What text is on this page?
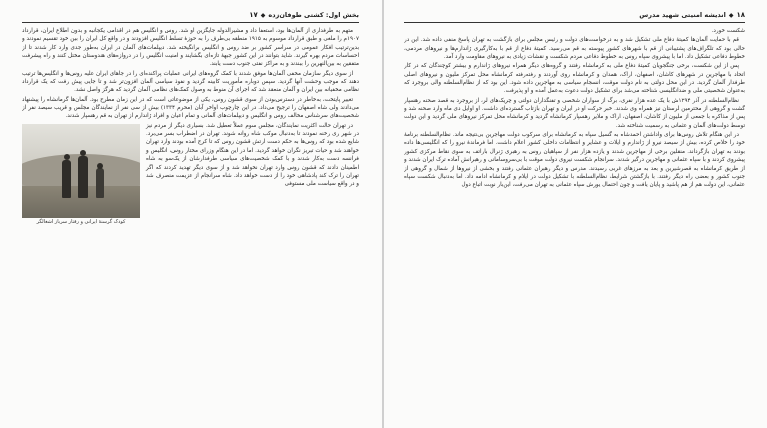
بخش اول: کشتی طوفان‌زده◆۱۷

متهم به طرفداری از آلمان‌ها بود، استعفا داد و مشیرالدوله جایگزین او شد. روس و انگلیس هم در اقدامی یکجانبه و بدون اطلاع ایران، قرارداد ۱۹۰۷م را ملغی و طبق قرارداد موسوم به ۱۹۱۵ منطقه بی‌طرف را به حوزهٔ تسلط انگلیس افزودند و در واقع کل ایران را بین خود تقسیم نمودند و بدین‌ترتیب افکار عمومی در سراسر کشور بر ضد روس و انگلیس برانگیخته شد. دیپلمات‌های آلمان در ایران به‌طور جدی وارد کار شدند تا از احساسات مردم بهره گیرند. شاید بتوانند در این کشور جبههٔ تازه‌ای بگشایند و امنیت انگلیس را در دروازه‌های هندوستان مختل کنند و راه پیشرفت متفقین به بین‌النهرین را ببندند و به مراکز نفتی جنوب دست یابند.

از سوی دیگر سازمان مخفی آلمان‌ها موفق شدند با کمک گروه‌های ایرانی عملیات پراکنده‌ای را در جاهای ایران علیه روس‌ها و انگلیس‌ها ترتیب دهند که موجب وحشت آنها گردید. سپس دوباره مأموریت کابینه گردید و نفوذ سیاسی آلمان افزون‌تر شد و تا جایی پیش رفت که یک قرارداد نظامی مخفیانه بین ایران و آلمان منعقد شد که اجرای آن منوط به وصول کمک‌های نظامی آلمان گردید که هرگز واصل نشد.

تغییر پایتخت، به‌خاطر در دسترس‌بودن از سوی قشون روس، یکی از موضوعاتی است که در این زمان مطرح بود. آلمان‌ها گرمانشاه را پیشنهاد می‌دادند ولی شاه اصفهان را ترجیح می‌داد. در این چارچوب اواخر آبان (محرم ۱۳۳۴) بیش از سی نفر از نمایندگان مجلس و قریب سیصد نفر از شخصیت‌های سرشناس مخالف روس و انگلیس و دیپلمات‌های آلمانی و تمام اعیان و افراد ژاندارم از تهران به قم رهسپار شدند.

کودک گرسنهٔ ایرانی و رفتار سرباز اشغالگر

در تهران حالت اکثریت نمایندگان، مجلس سوم عملاً تعطیل شد. بسیاری دیگر از مردم نیز در شهر ری رخنه نمودند تا به‌دنبال موکب شاه روانه شوند. تهران در اضطراب بسر می‌برد. شایع شده بود که روس‌ها به حکم دست ارتش قشون روس که تا کرج آمده بودند وارد تهران خواهند شد و حیات تبریز نگران خواهد گردید. اما در این هنگام وزرای مختار روس، انگلیس و فرانسه دست به‌کار شدند و با کمک شخصیت‌های سیاسی طرفدارشان از یک‌سو به شاه اطمینان دادند که قشون روس وارد تهران نخواهد شد و از سوی دیگر تهدید کردند که اگر تهران را ترک کند پادشاهی خود را از دست خواهد داد. شاه سرانجام از عزیمت منصرف شد و در واقع سیاست ملی مستوفی

۱۸◆اندیشه امنیتی شهید مدرس

شکست خورد.

قم با حمایت آلمان‌ها کمیتهٔ دفاع ملی تشکیل شد و به درخواست‌های دولت و رئیس مجلس برای بازگشت به تهران پاسخ منفی داده شد. این در حالی بود که تلگراف‌های پشتیبانی از قم با شهرهای کشور پیوسته به قم می‌رسید. کمیتهٔ دفاع از قم با به‌کارگیری ژاندارم‌ها و نیروهای مردمی، خطوط دفاعی تشکیل داد. اما با پیشروی سپاه روس به خطوط دفاعی مردم شکست و نقشات زیادی به نیروهای مقاومت وارد آمد.

پس از این شکست، برخی جنگجویان کمیتهٔ دفاع ملی به کرمانشاه رفتند و گروه‌های دیگر همراه نیروهای ژاندارم و بیشتر کوچندگان که در کار اتحاد با مهاجرین در شهرهای کاشان، اصفهان، اراک، همدان و کرمانشاه روی آوردند و رفته‌رفته کرمانشاه محل تمرکز ملیون و نیروهای اصلی طرفدار آلمان گردید. در این محل دولتی به نام دولت موقت، انسجام سیاسی به مهاجرین داده شود. این بود که از نظام‌السلطنه والی بروجرد که به‌عنوان شخصیتی ملی و ضدانگلیسی شناخته می‌شد برای تشکیل دولت دعوت به‌عمل آمده و او پذیرفت.

نظام‌السلطنه در آذر ۱۲۹۴ش با یک عده هزار نفری، برگ از سواران شخصی و تفنگداران دولتی و چریک‌های لر، از بروجرد به قصد صحنه رهسپار گشت و گروهی از محترمین لرستان نیز همراه وی شدند. خبر حرکت او در ایران و تهران بازتاب گسترده‌ای داشت. او اوایل دی ماه وارد صحنه شد و پس از مذاکره با جمعی از ملیون از کاشان، اصفهان، اراک و ملایر رهسپار کرمانشاه گردید و کرمانشاه محل تمرکز نیروهای ملی گردید و این دولت توسط دولت‌های آلمان و عثمانی به رسمیت شناخته شد.

در این هنگام تلاش روس‌ها برای واداشتن احمدشاه به گسیل سپاه به کرمانشاه برای سرکوب دولت مهاجرین بی‌نتیجه ماند. نظام‌السلطنه برنامهٔ خود را خلاص کرده، بیش از سیصد نیرو از ژاندارم و ایلات و عشایر و انتظامات داخلی کشور اعلام داشت. اما فرماندهٔ نیرو را که انگلیسی‌ها داده بودند به تهران بازگرداند. منقلین برخی از مهاجرین شدند و یازده هزار نفر از سپاهیان روس به رهبری ژنرال باراتف به سوی نقاط مرکزی کشور پیشروی کردند و با سپاه عثمانی و مهاجرین درگیر شدند. سرانجام شکست نیروی دولت موقت با بی‌سروسامانی و رهبرانش آماده ترک ایران شدند و از طریق کرمانشاه به قصرشیرین و بعد به مرزهای غربی رسیدند. مدرس و دیگر رهبران عثمانی رفتند و بخشی از نیروها از شمال و گروهی از جنوب کشور و بعضی راه دیگر رفتند. با بازگشتن شرایط، نظام‌السلطنه با تشکیل دولت در ایلام و کرمانشاه ادامه داد. اما به‌دنبال شکست سپاه عثمانی، این دولت هم از هم پاشید و پایان یافت و چون احتمال یورش سپاه عثمانی به تهران می‌رفت، این‌بار نوبت اتباع دول
